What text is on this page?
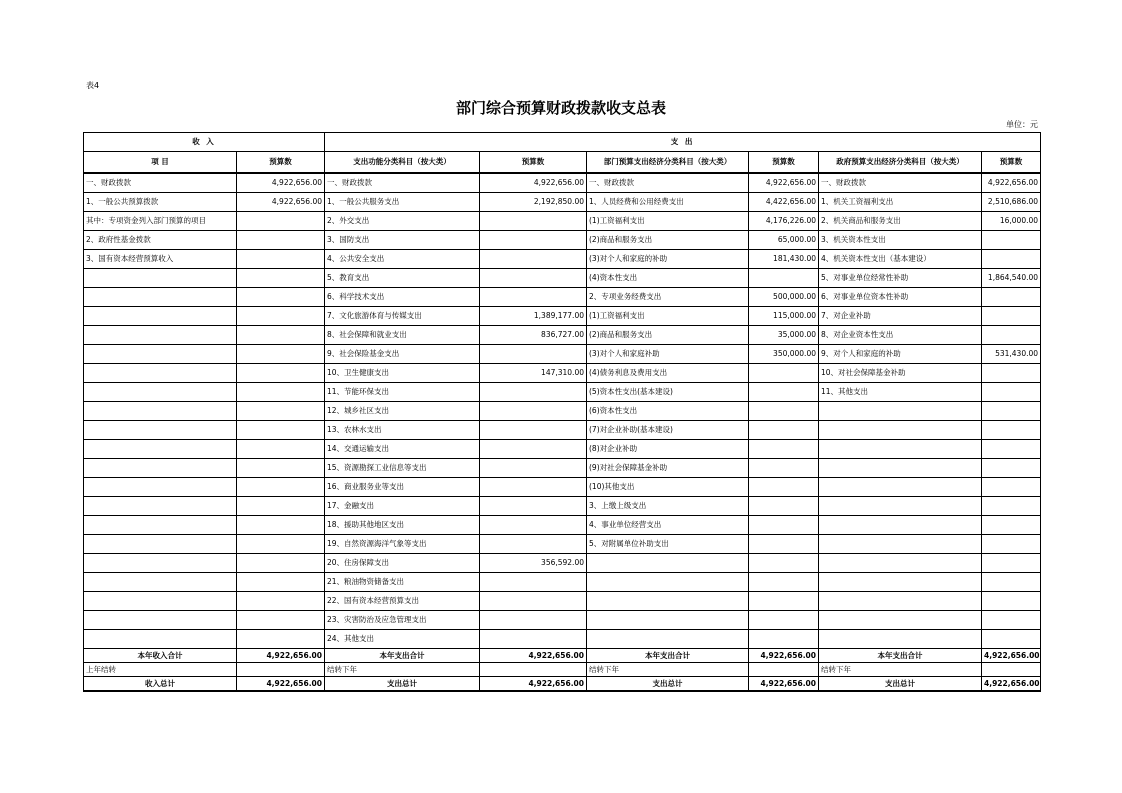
表4
部门综合预算财政拨款收支总表
单位：元
收 入		支 出					
项 目	预算数	支出功能分类科目（按大类）	预算数	部门预算支出经济分类科目（按大类）	预算数	政府预算支出经济分类科目（按大类）	预算数
一、财政拨款	4,922,656.00	一、财政拨款	4,922,656.00	一、财政拨款	4,922,656.00	一、财政拨款	4,922,656.00
1、一般公共预算拨款	4,922,656.00	1、一般公共服务支出	2,192,850.00	1、人员经费和公用经费支出	4,422,656.00	1、机关工资福利支出	2,510,686.00
其中：专项资金列入部门预算的项目		2、外交支出		(1)工资福利支出	4,176,226.00	2、机关商品和服务支出	16,000.00
2、政府性基金拨款		3、国防支出		(2)商品和服务支出	65,000.00	3、机关资本性支出	
3、国有资本经营预算收入		4、公共安全支出		(3)对个人和家庭的补助	181,430.00	4、机关资本性支出（基本建设）	
		5、教育支出		(4)资本性支出		5、对事业单位经常性补助	1,864,540.00
		6、科学技术支出		2、专项业务经费支出	500,000.00	6、对事业单位资本性补助	
		7、文化旅游体育与传媒支出	1,389,177.00	(1)工资福利支出	115,000.00	7、对企业补助	
		8、社会保障和就业支出	836,727.00	(2)商品和服务支出	35,000.00	8、对企业资本性支出	
		9、社会保险基金支出		(3)对个人和家庭补助	350,000.00	9、对个人和家庭的补助	531,430.00
		10、卫生健康支出	147,310.00	(4)债务利息及费用支出		10、对社会保障基金补助	
		11、节能环保支出		(5)资本性支出(基本建设)		11、其他支出	
		12、城乡社区支出		(6)资本性支出			
		13、农林水支出		(7)对企业补助(基本建设)			
		14、交通运输支出		(8)对企业补助			
		15、资源勘探工业信息等支出		(9)对社会保障基金补助			
		16、商业服务业等支出		(10)其他支出			
		17、金融支出		3、上缴上级支出			
		18、援助其他地区支出		4、事业单位经营支出			
		19、自然资源海洋气象等支出		5、对附属单位补助支出			
		20、住房保障支出	356,592.00				
		21、粮油物资储备支出					
		22、国有资本经营预算支出					
		23、灾害防治及应急管理支出					
		24、其他支出					
本年收入合计	4,922,656.00	本年支出合计	4,922,656.00	本年支出合计	4,922,656.00	本年支出合计	4,922,656.00
上年结转		结转下年		结转下年		结转下年	
收入总计	4,922,656.00	支出总计	4,922,656.00	支出总计	4,922,656.00	支出总计	4,922,656.00
